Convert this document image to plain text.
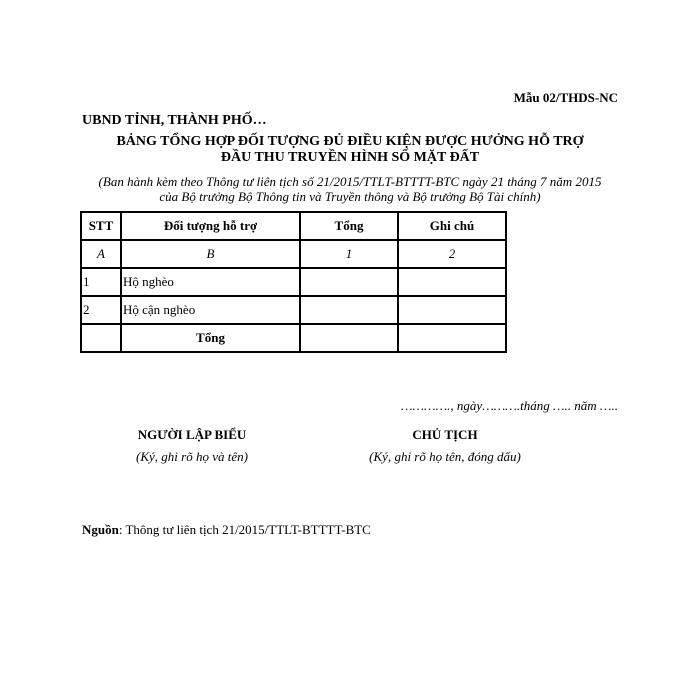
Mẫu 02/THDS-NC
UBND TỈNH, THÀNH PHỐ…
BẢNG TỔNG HỢP ĐỐI TƯỢNG ĐỦ ĐIỀU KIỆN ĐƯỢC HƯỞNG HỖ TRỢ
ĐẦU THU TRUYỀN HÌNH SỐ MẶT ĐẤT
(Ban hành kèm theo Thông tư liên tịch số 21/2015/TTLT-BTTTT-BTC ngày 21 tháng 7 năm 2015
của Bộ trưởng Bộ Thông tin và Truyền thông và Bộ trưởng Bộ Tài chính)
STT	Đối tượng hỗ trợ	Tổng	Ghi chú
A	B	1	2
1	Hộ nghèo		
2	Hộ cận nghèo		
	Tổng		
…………., ngày……….tháng ….. năm …..
NGƯỜI LẬP BIỂU
(Ký, ghi rõ họ và tên)
CHỦ TỊCH
(Ký, ghi rõ họ tên, đóng dấu)
Nguồn: Thông tư liên tịch 21/2015/TTLT-BTTTT-BTC
